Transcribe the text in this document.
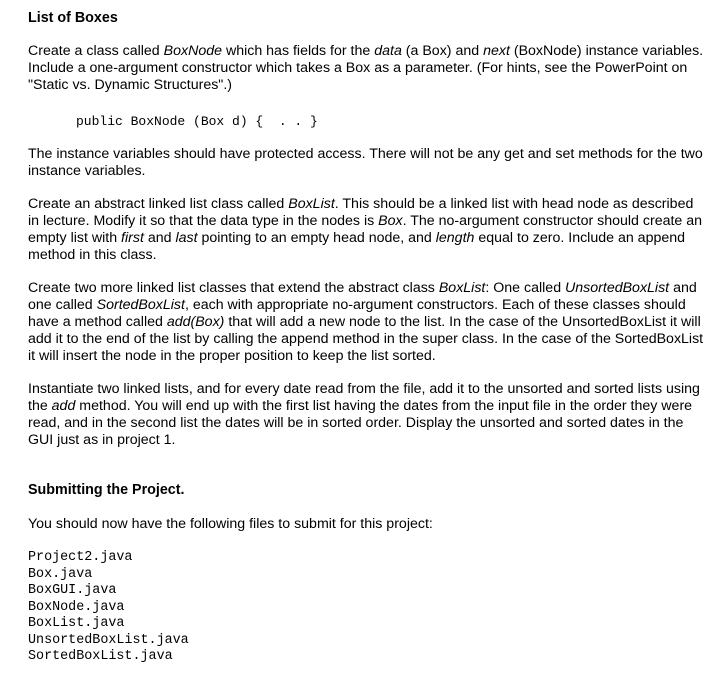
List of Boxes

Create a class called BoxNode which has fields for the data (a Box) and next (BoxNode) instance variables. Include a one-argument constructor which takes a Box as a parameter. (For hints, see the PowerPoint on "Static vs. Dynamic Structures".)

public BoxNode (Box d) {  . . }

The instance variables should have protected access. There will not be any get and set methods for the two instance variables.

Create an abstract linked list class called BoxList. This should be a linked list with head node as described in lecture. Modify it so that the data type in the nodes is Box. The no-argument constructor should create an empty list with first and last pointing to an empty head node, and length equal to zero. Include an append method in this class.

Create two more linked list classes that extend the abstract class BoxList: One called UnsortedBoxList and one called SortedBoxList, each with appropriate no-argument constructors. Each of these classes should have a method called add(Box) that will add a new node to the list. In the case of the UnsortedBoxList it will add it to the end of the list by calling the append method in the super class. In the case of the SortedBoxList it will insert the node in the proper position to keep the list sorted.

Instantiate two linked lists, and for every date read from the file, add it to the unsorted and sorted lists using the add method. You will end up with the first list having the dates from the input file in the order they were read, and in the second list the dates will be in sorted order. Display the unsorted and sorted dates in the GUI just as in project 1.

Submitting the Project.

You should now have the following files to submit for this project:

Project2.java
Box.java
BoxGUI.java
BoxNode.java
BoxList.java
UnsortedBoxList.java
SortedBoxList.java
